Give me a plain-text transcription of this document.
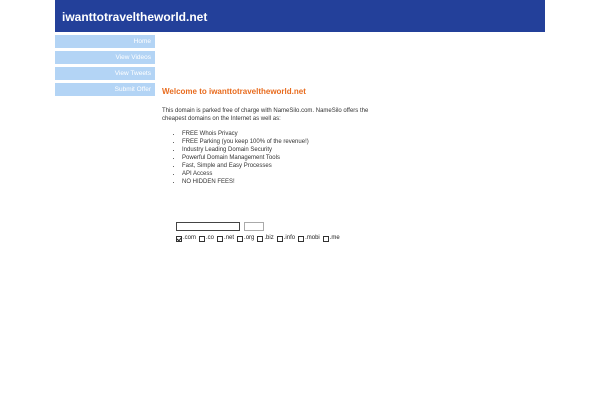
iwanttotraveltheworld.net
Home
View Videos
View Tweets
Submit Offer	Welcome to iwanttotraveltheworld.net

This domain is parked free of charge with NameSilo.com. NameSilo offers the cheapest domains on the Internet as well as:

• FREE Whois Privacy
• FREE Parking (you keep 100% of the revenue!)
• Industry Leading Domain Security
• Powerful Domain Management Tools
• Fast, Simple and Easy Processes
• API Access
• NO HIDDEN FEES!
.com .co .net .org .biz .info .mobi .me
